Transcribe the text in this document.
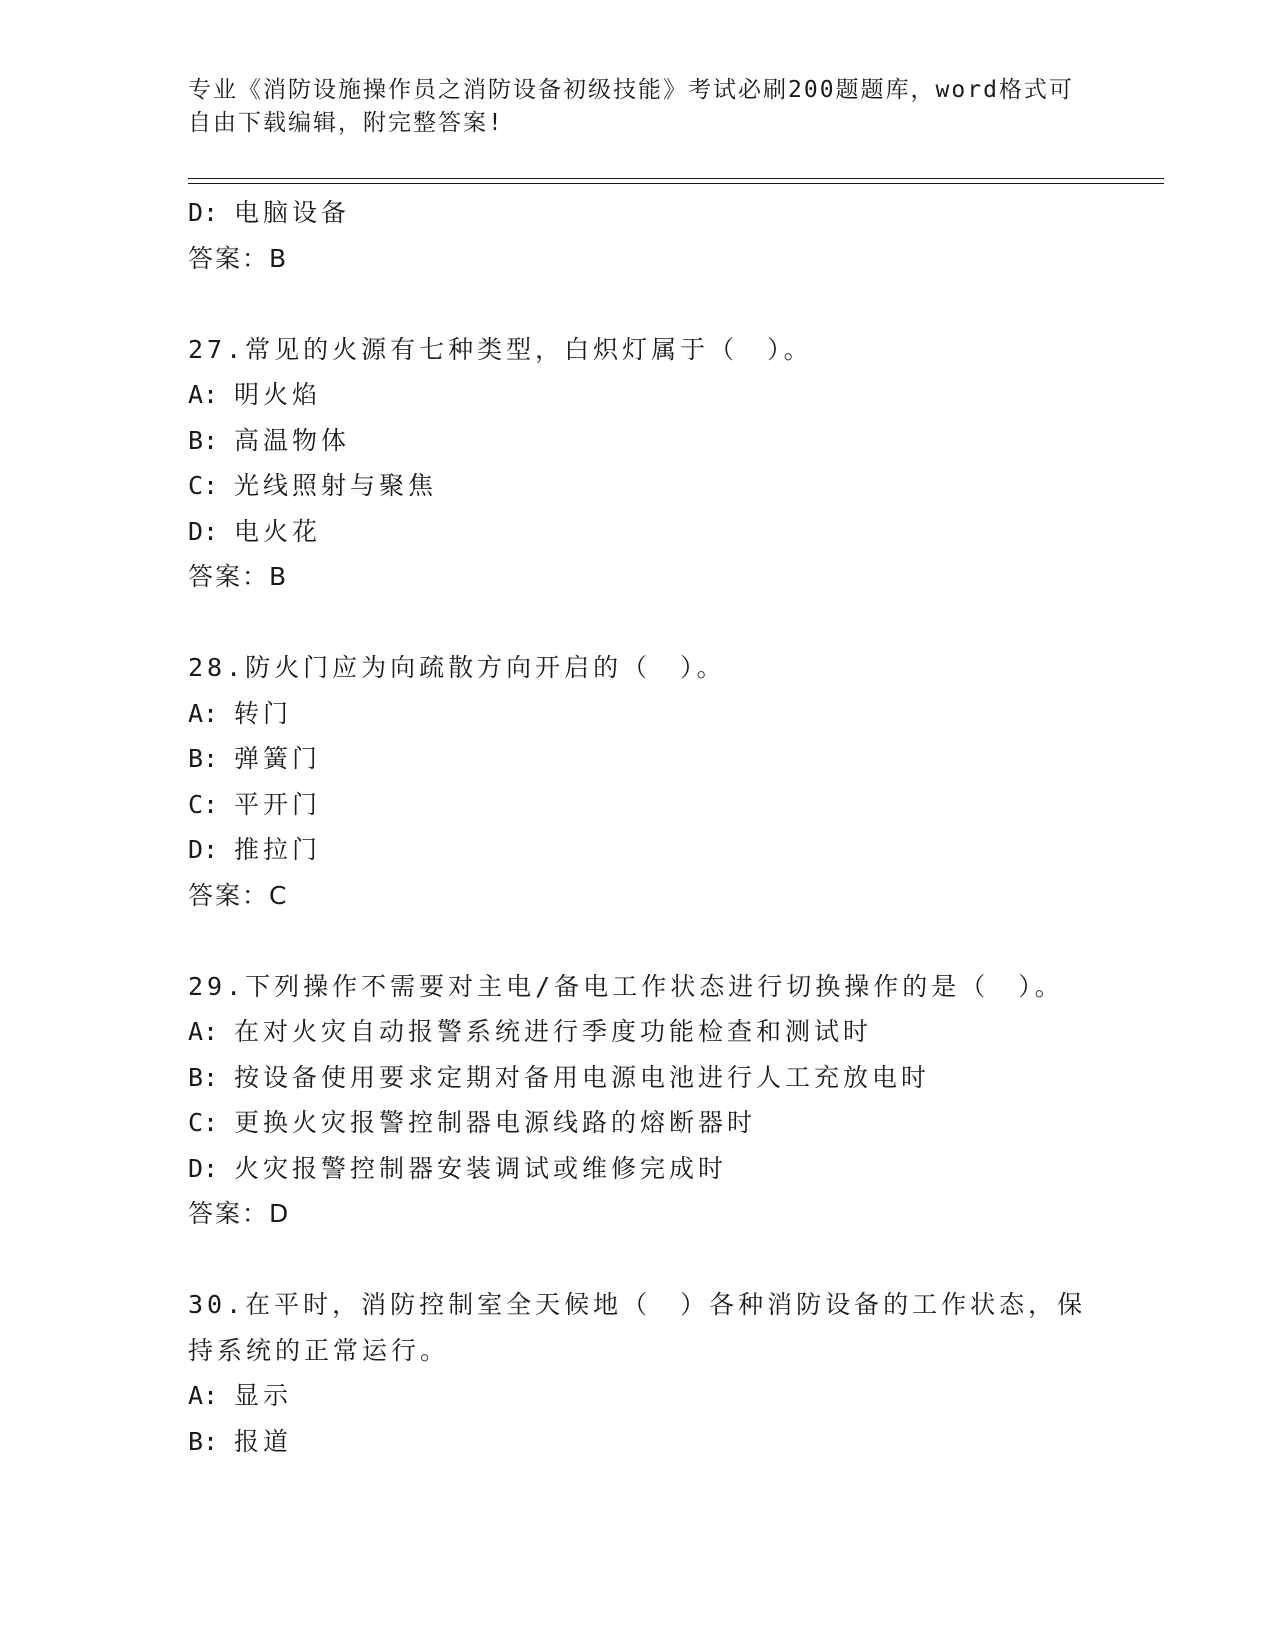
专业《消防设施操作员之消防设备初级技能》考试必刷200题题库，word格式可自由下载编辑，附完整答案!
D: 电脑设备
答案：B
27.常见的火源有七种类型，白炽灯属于（　）。
A: 明火焰
B: 高温物体
C: 光线照射与聚焦
D: 电火花
答案：B
28.防火门应为向疏散方向开启的（　）。
A: 转门
B: 弹簧门
C: 平开门
D: 推拉门
答案：C
29.下列操作不需要对主电/备电工作状态进行切换操作的是（　）。
A: 在对火灾自动报警系统进行季度功能检查和测试时
B: 按设备使用要求定期对备用电源电池进行人工充放电时
C: 更换火灾报警控制器电源线路的熔断器时
D: 火灾报警控制器安装调试或维修完成时
答案：D
30.在平时，消防控制室全天候地（　）各种消防设备的工作状态，保持系统的正常运行。
A: 显示
B: 报道
